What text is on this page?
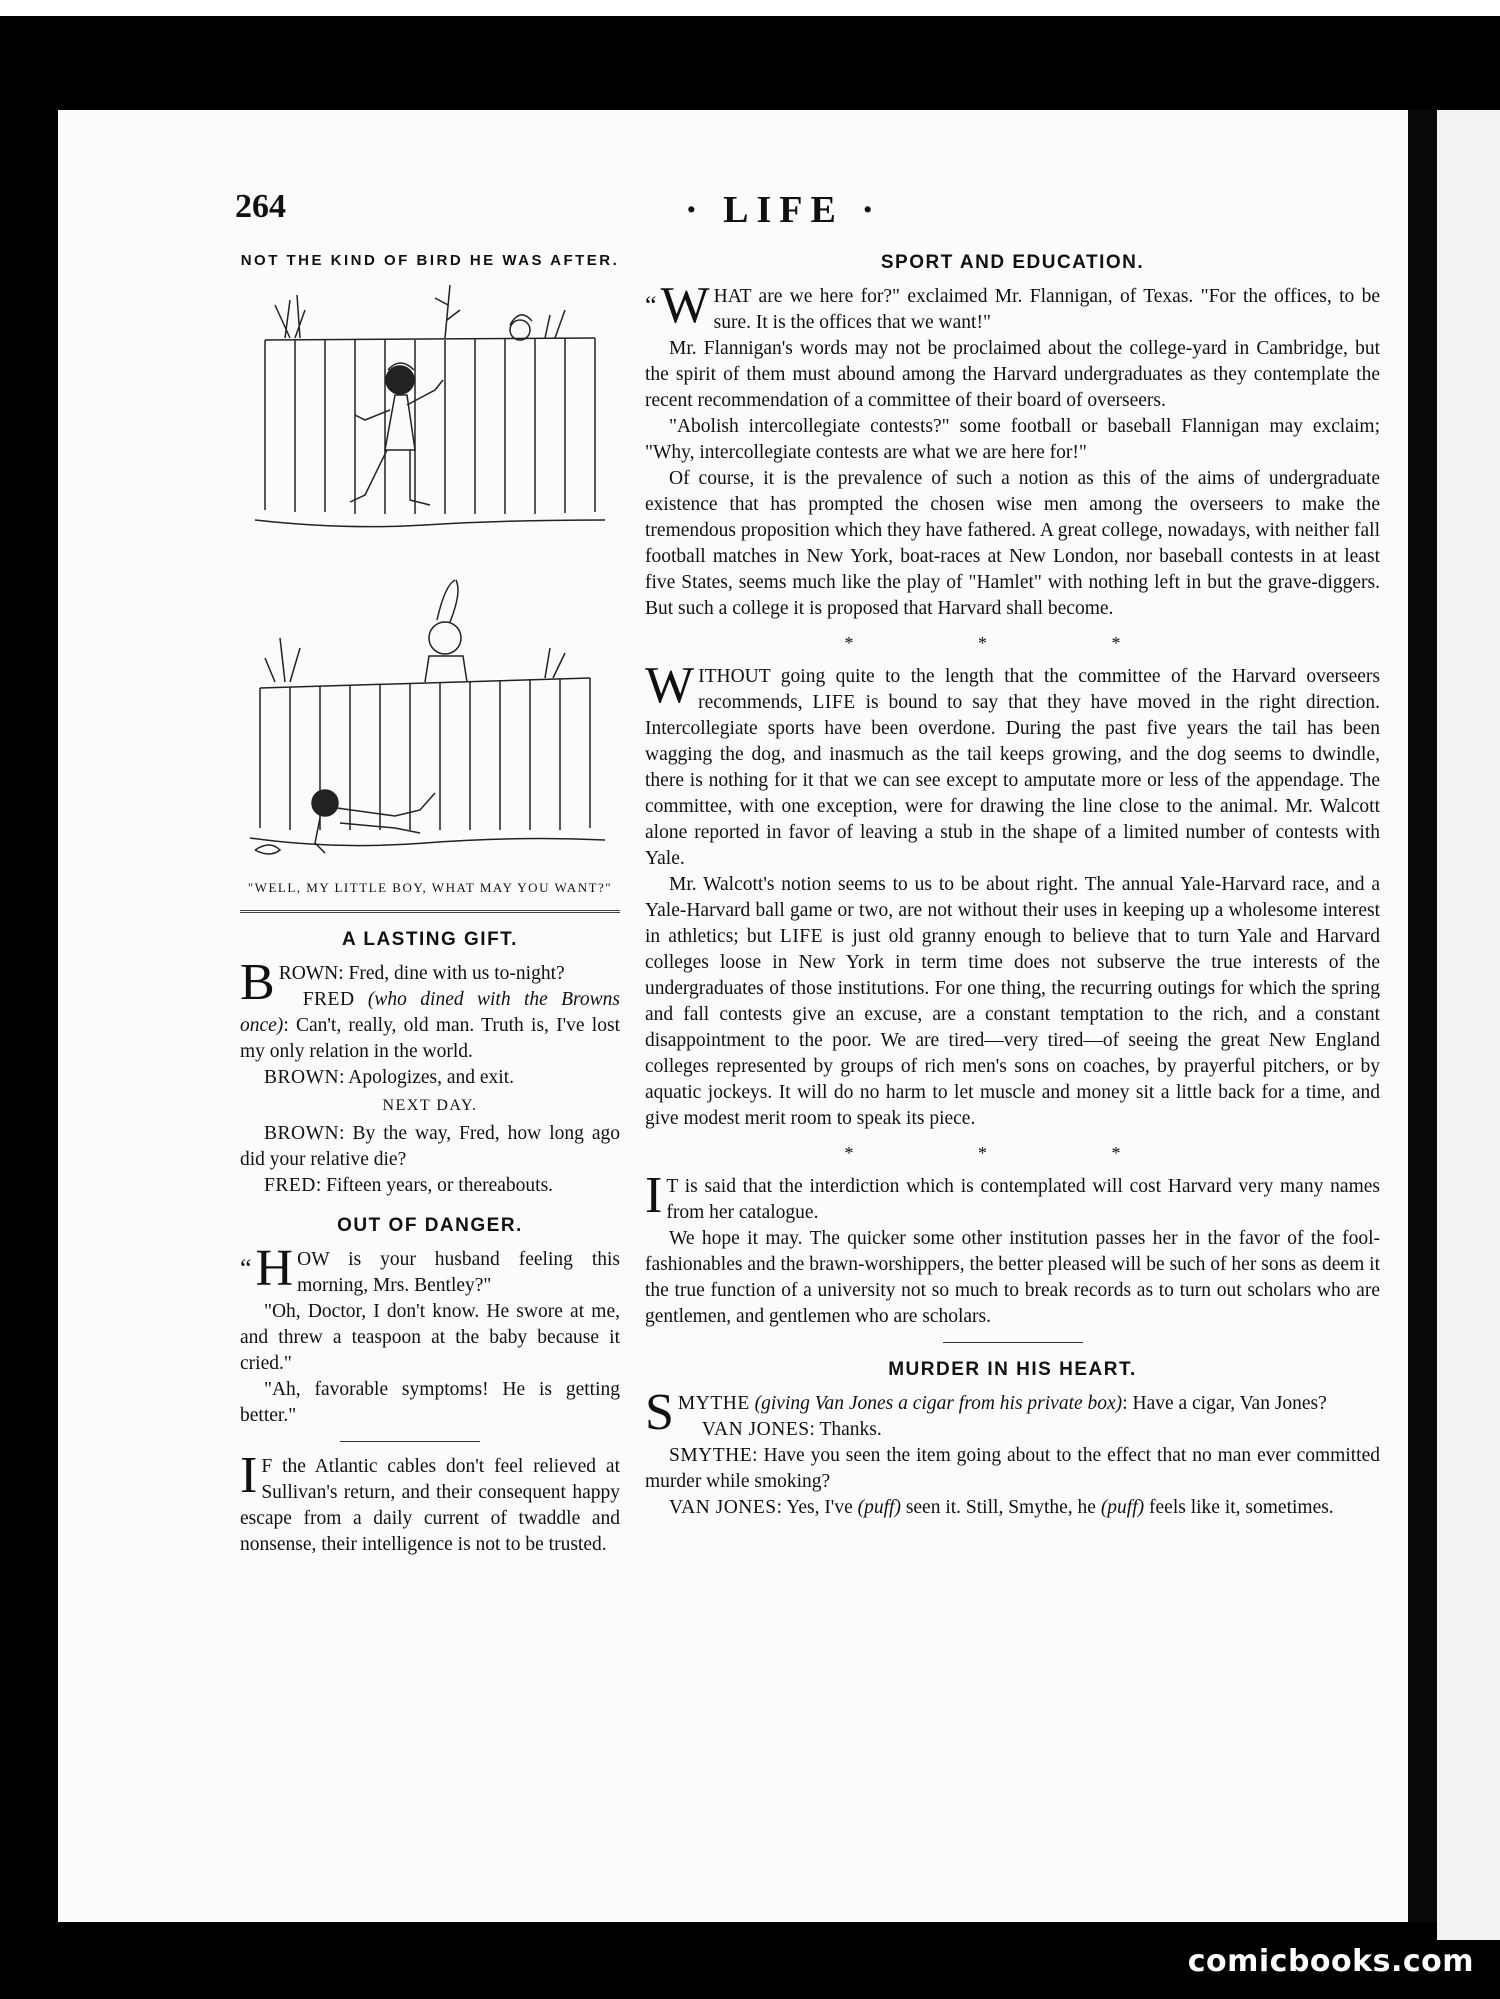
264	· LIFE ·
NOT THE KIND OF BIRD HE WAS AFTER.
"WELL, MY LITTLE BOY, WHAT MAY YOU WANT?"
A LASTING GIFT.

BROWN: Fred, dine with us to-night?

FRED (who dined with the Browns once): Can't, really, old man. Truth is, I've lost my only relation in the world.

BROWN: Apologizes, and exit.

NEXT DAY.

BROWN: By the way, Fred, how long ago did your relative die?

FRED: Fifteen years, or thereabouts.

OUT OF DANGER.

“ HOW is your husband feeling this morning, Mrs. Bentley?"

"Oh, Doctor, I don't know. He swore at me, and threw a teaspoon at the baby because it cried."

"Ah, favorable symptoms! He is getting better."

I F the Atlantic cables don't feel relieved at Sullivan's return, and their consequent happy escape from a daily current of twaddle and nonsense, their intelligence is not to be trusted.

SPORT AND EDUCATION.

“ WHAT are we here for?" exclaimed Mr. Flannigan, of Texas. "For the offices, to be sure. It is the offices that we want!"

Mr. Flannigan's words may not be proclaimed about the college-yard in Cambridge, but the spirit of them must abound among the Harvard undergraduates as they contemplate the recent recommendation of a committee of their board of overseers.

"Abolish intercollegiate contests?" some football or baseball Flannigan may exclaim; "Why, intercollegiate contests are what we are here for!"

Of course, it is the prevalence of such a notion as this of the aims of undergraduate existence that has prompted the chosen wise men among the overseers to make the tremendous proposition which they have fathered. A great college, nowadays, with neither fall football matches in New York, boat-races at New London, nor baseball contests in at least five States, seems much like the play of "Hamlet" with nothing left in but the grave-diggers. But such a college it is proposed that Harvard shall become.

* * *

WITHOUT going quite to the length that the committee of the Harvard overseers recommends, LIFE is bound to say that they have moved in the right direction. Intercollegiate sports have been overdone. During the past five years the tail has been wagging the dog, and inasmuch as the tail keeps growing, and the dog seems to dwindle, there is nothing for it that we can see except to amputate more or less of the appendage. The committee, with one exception, were for drawing the line close to the animal. Mr. Walcott alone reported in favor of leaving a stub in the shape of a limited number of contests with Yale.

Mr. Walcott's notion seems to us to be about right. The annual Yale-Harvard race, and a Yale-Harvard ball game or two, are not without their uses in keeping up a wholesome interest in athletics; but LIFE is just old granny enough to believe that to turn Yale and Harvard colleges loose in New York in term time does not subserve the true interests of the undergraduates of those institutions. For one thing, the recurring outings for which the spring and fall contests give an excuse, are a constant temptation to the rich, and a constant disappointment to the poor. We are tired—very tired—of seeing the great New England colleges represented by groups of rich men's sons on coaches, by prayerful pitchers, or by aquatic jockeys. It will do no harm to let muscle and money sit a little back for a time, and give modest merit room to speak its piece.

* * *

I T is said that the interdiction which is contemplated will cost Harvard very many names from her catalogue.

We hope it may. The quicker some other institution passes her in the favor of the fool-fashionables and the brawn-worshippers, the better pleased will be such of her sons as deem it the true function of a university not so much to break records as to turn out scholars who are gentlemen, and gentlemen who are scholars.

MURDER IN HIS HEART.

SMYTHE (giving Van Jones a cigar from his private box): Have a cigar, Van Jones?

VAN JONES: Thanks.

SMYTHE: Have you seen the item going about to the effect that no man ever committed murder while smoking?

VAN JONES: Yes, I've (puff) seen it. Still, Smythe, he (puff) feels like it, sometimes.

comicbooks.com
